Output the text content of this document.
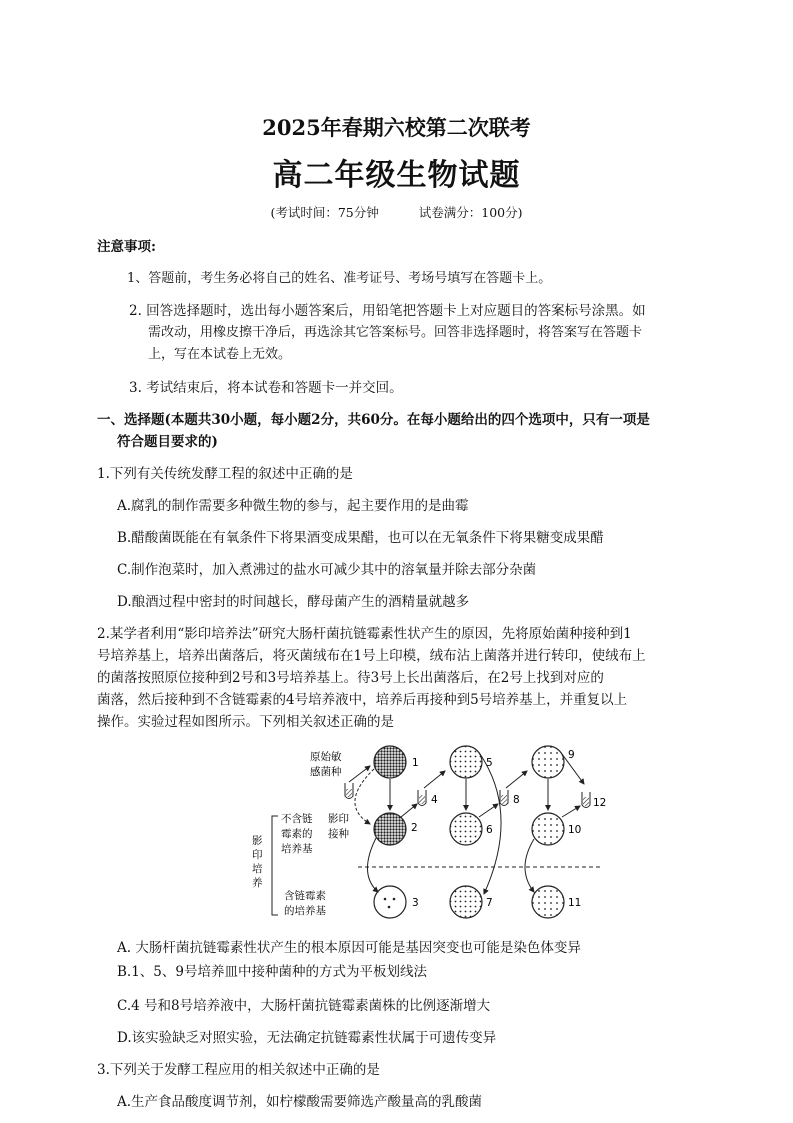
2025年春期六校第二次联考
高二年级生物试题
(考试时间：75分钟	试卷满分：100分)
注意事项:
1、答题前，考生务必将自己的姓名、准考证号、考场号填写在答题卡上。
2. 回答选择题时，选出每小题答案后，用铅笔把答题卡上对应题目的答案标号涂黑。如
需改动，用橡皮擦干净后，再选涂其它答案标号。回答非选择题时，将答案写在答题卡
上，写在本试卷上无效。
3. 考试结束后，将本试卷和答题卡一并交回。
一、选择题(本题共30小题，每小题2分，共60分。在每小题给出的四个选项中，只有一项是
符合题目要求的)
1.下列有关传统发酵工程的叙述中正确的是
A.腐乳的制作需要多种微生物的参与，起主要作用的是曲霉
B.醋酸菌既能在有氧条件下将果酒变成果醋，也可以在无氧条件下将果糖变成果醋
C.制作泡菜时，加入煮沸过的盐水可减少其中的溶氧量并除去部分杂菌
D.酿酒过程中密封的时间越长，酵母菌产生的酒精量就越多
2.某学者利用“影印培养法”研究大肠杆菌抗链霉素性状产生的原因，先将原始菌种接种到1
号培养基上，培养出菌落后，将灭菌绒布在1号上印模，绒布沾上菌落并进行转印，使绒布上
的菌落按照原位接种到2号和3号培养基上。待3号上长出菌落后，在2号上找到对应的
菌落，然后接种到不含链霉素的4号培养液中，培养后再接种到5号培养基上，并重复以上
操作。实验过程如图所示。下列相关叙述正确的是
原始敏
感菌种
不含链
霉素的
培养基
影印
接种
影
印
培
养
含链霉素
的培养基
1
2
3
4
5
6
7
8
9
10
11
12
A. 大肠杆菌抗链霉素性状产生的根本原因可能是基因突变也可能是染色体变异
B.1、5、9号培养皿中接种菌种的方式为平板划线法
C.4 号和8号培养液中，大肠杆菌抗链霉素菌株的比例逐渐增大
D.该实验缺乏对照实验，无法确定抗链霉素性状属于可遗传变异
3.下列关于发酵工程应用的相关叙述中正确的是
A.生产食品酸度调节剂，如柠檬酸需要筛选产酸量高的乳酸菌
